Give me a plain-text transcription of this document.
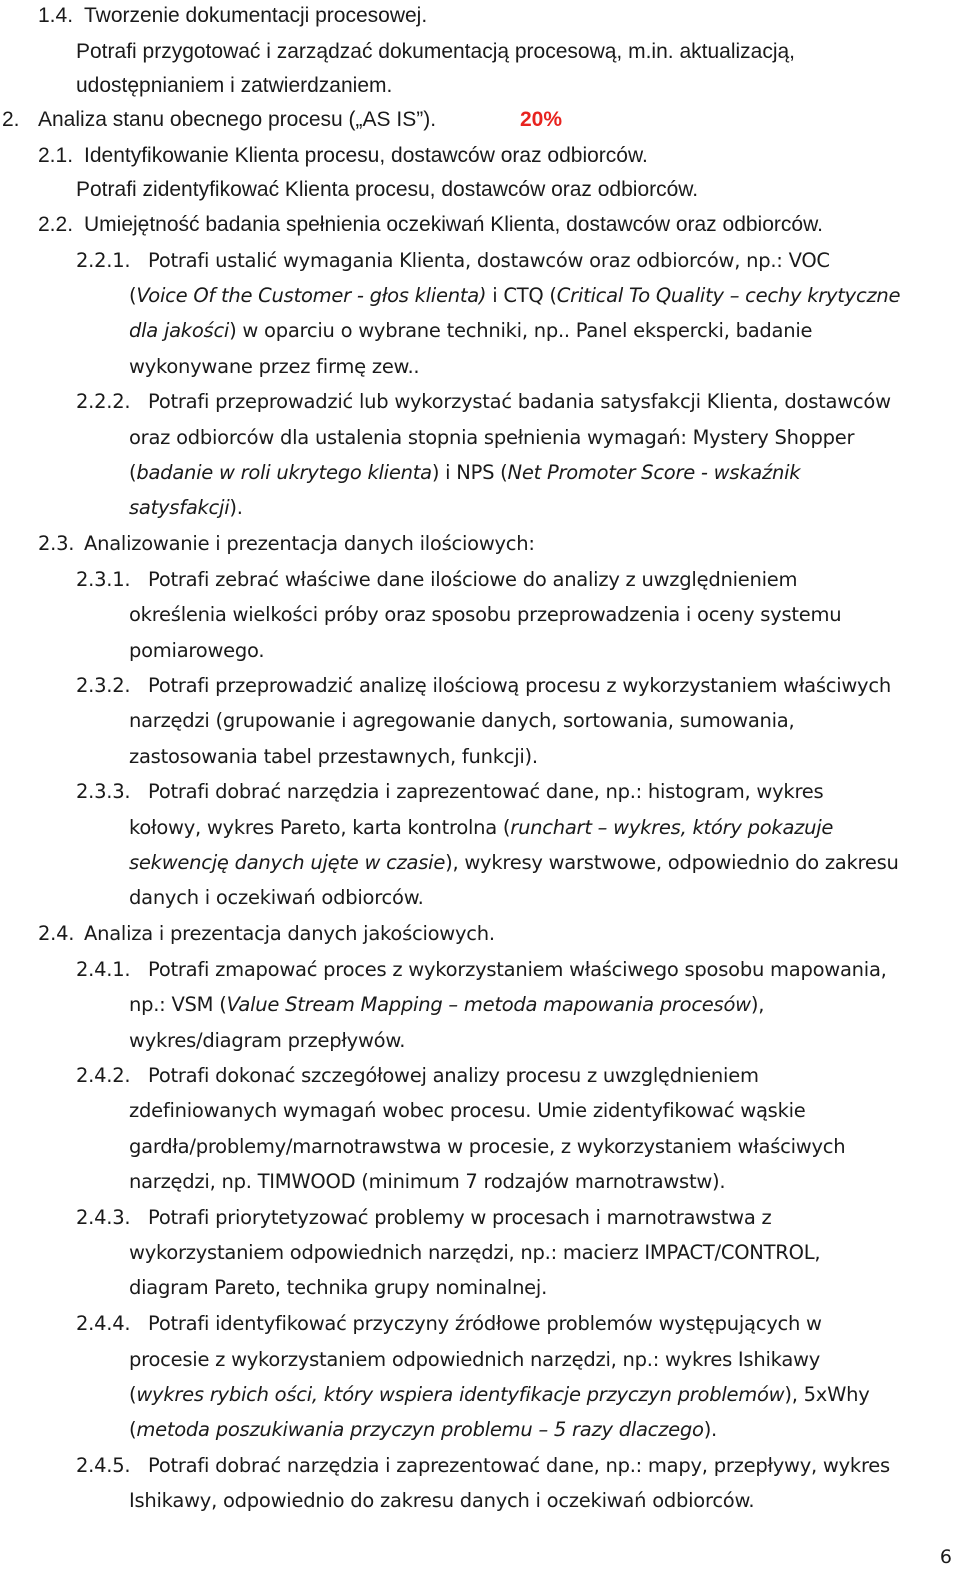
1.4. Tworzenie dokumentacji procesowej.
Potrafi przygotować i zarządzać dokumentacją procesową, m.in. aktualizacją,
udostępnianiem i zatwierdzaniem.
2. Analiza stanu obecnego procesu („AS IS”).	20%
2.1. Identyfikowanie Klienta procesu, dostawców oraz odbiorców.
Potrafi zidentyfikować Klienta procesu, dostawców oraz odbiorców.
2.2. Umiejętność badania spełnienia oczekiwań Klienta, dostawców oraz odbiorców.
2.2.1. Potrafi ustalić wymagania Klienta, dostawców oraz odbiorców, np.: VOC
(Voice Of the Customer - głos klienta) i CTQ (Critical To Quality – cechy krytyczne
dla jakości) w oparciu o wybrane techniki, np.. Panel ekspercki, badanie
wykonywane przez firmę zew..
2.2.2. Potrafi przeprowadzić lub wykorzystać badania satysfakcji Klienta, dostawców
oraz odbiorców dla ustalenia stopnia spełnienia wymagań: Mystery Shopper
(badanie w roli ukrytego klienta) i NPS (Net Promoter Score - wskaźnik
satysfakcji).
2.3. Analizowanie i prezentacja danych ilościowych:
2.3.1. Potrafi zebrać właściwe dane ilościowe do analizy z uwzględnieniem
określenia wielkości próby oraz sposobu przeprowadzenia i oceny systemu
pomiarowego.
2.3.2. Potrafi przeprowadzić analizę ilościową procesu z wykorzystaniem właściwych
narzędzi (grupowanie i agregowanie danych, sortowania, sumowania,
zastosowania tabel przestawnych, funkcji).
2.3.3. Potrafi dobrać narzędzia i zaprezentować dane, np.: histogram, wykres
kołowy, wykres Pareto, karta kontrolna (runchart – wykres, który pokazuje
sekwencję danych ujęte w czasie), wykresy warstwowe, odpowiednio do zakresu
danych i oczekiwań odbiorców.
2.4. Analiza i prezentacja danych jakościowych.
2.4.1. Potrafi zmapować proces z wykorzystaniem właściwego sposobu mapowania,
np.: VSM (Value Stream Mapping – metoda mapowania procesów),
wykres/diagram przepływów.
2.4.2. Potrafi dokonać szczegółowej analizy procesu z uwzględnieniem
zdefiniowanych wymagań wobec procesu. Umie zidentyfikować wąskie
gardła/problemy/marnotrawstwa w procesie, z wykorzystaniem właściwych
narzędzi, np. TIMWOOD (minimum 7 rodzajów marnotrawstw).
2.4.3. Potrafi priorytetyzować problemy w procesach i marnotrawstwa z
wykorzystaniem odpowiednich narzędzi, np.: macierz IMPACT/CONTROL,
diagram Pareto, technika grupy nominalnej.
2.4.4. Potrafi identyfikować przyczyny źródłowe problemów występujących w
procesie z wykorzystaniem odpowiednich narzędzi, np.: wykres Ishikawy
(wykres rybich ości, który wspiera identyfikacje przyczyn problemów), 5xWhy
(metoda poszukiwania przyczyn problemu – 5 razy dlaczego).
2.4.5. Potrafi dobrać narzędzia i zaprezentować dane, np.: mapy, przepływy, wykres
Ishikawy, odpowiednio do zakresu danych i oczekiwań odbiorców.
6
